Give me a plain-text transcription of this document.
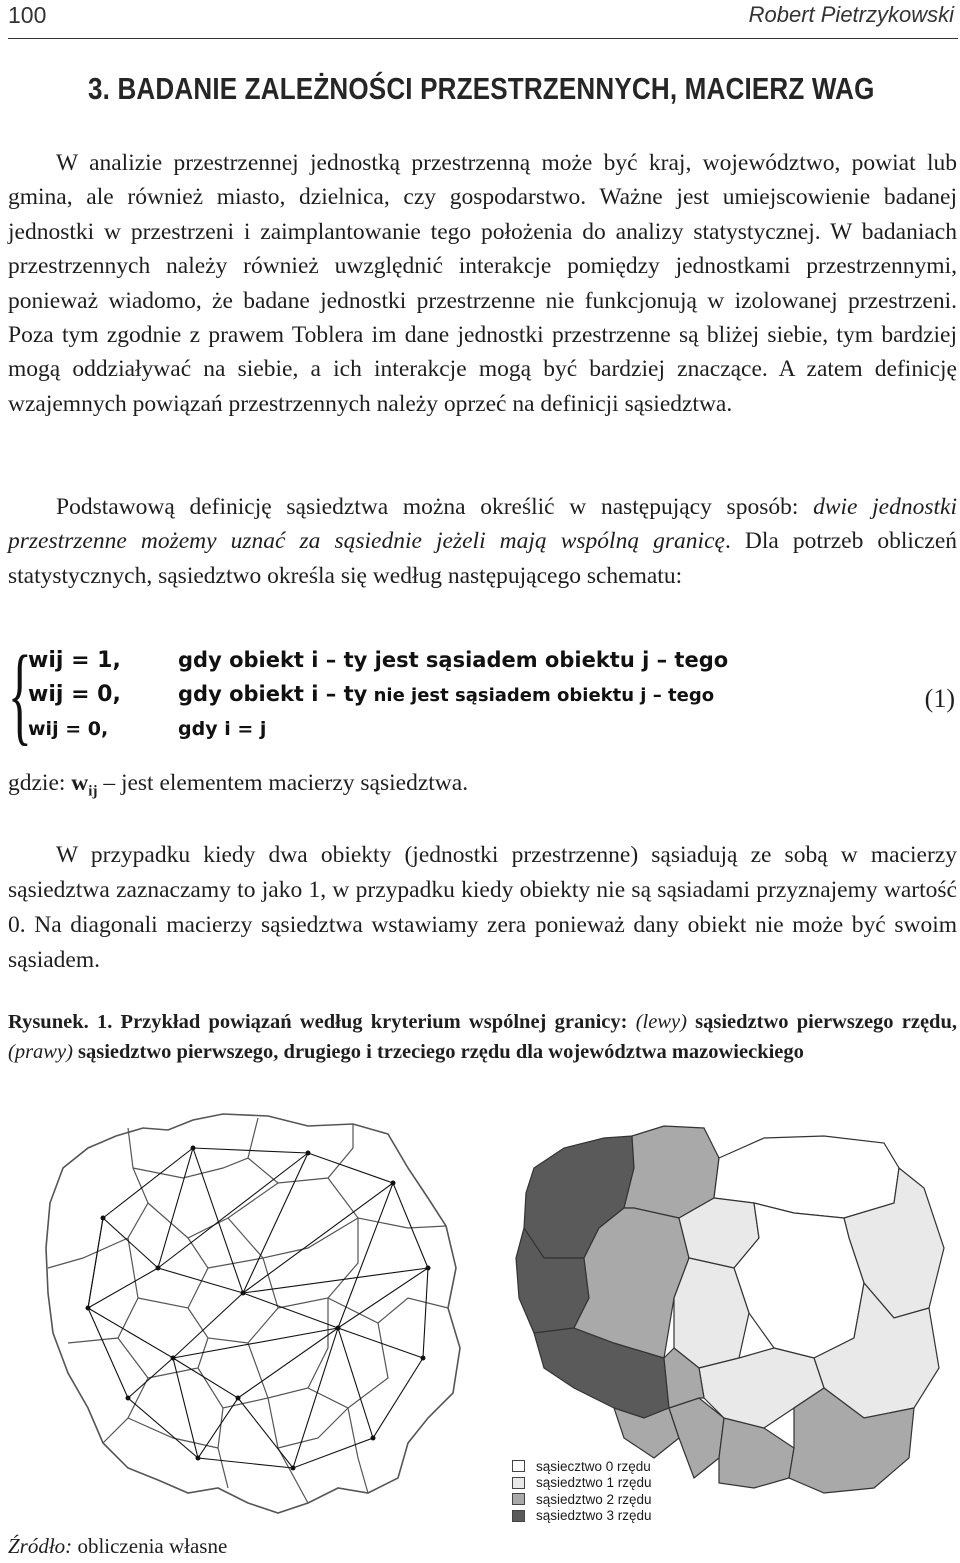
100	Robert Pietrzykowski
3. BADANIE ZALEŻNOŚCI PRZESTRZENNYCH, MACIERZ WAG

W analizie przestrzennej jednostką przestrzenną może być kraj, województwo, powiat lub gmina, ale również miasto, dzielnica, czy gospodarstwo. Ważne jest umiejscowienie badanej jednostki w przestrzeni i zaimplantowanie tego położenia do analizy statystycznej. W badaniach przestrzennych należy również uwzględnić interakcje pomiędzy jednostkami przestrzennymi, ponieważ wiadomo, że badane jednostki przestrzenne nie funkcjonują w izolowanej przestrzeni. Poza tym zgodnie z prawem Toblera im dane jednostki przestrzenne są bliżej siebie, tym bardziej mogą oddziaływać na siebie, a ich interakcje mogą być bardziej znaczące. A zatem definicję wzajemnych powiązań przestrzennych należy oprzeć na definicji sąsiedztwa.

Podstawową definicję sąsiedztwa można określić w następujący sposób: dwie jednostki przestrzenne możemy uznać za sąsiednie jeżeli mają wspólną granicę. Dla potrzeb obliczeń statystycznych, sąsiedztwo określa się według następującego schematu:

{
wij = 1,	gdy obiekt i – ty jest sąsiadem obiektu j – tego
wij = 0,	gdy obiekt i – ty nie jest sąsiadem obiektu j – tego
wij = 0,	gdy i = j
(1)
gdzie: $w_{ij}$ – jest elementem macierzy sąsiedztwa.

W przypadku kiedy dwa obiekty (jednostki przestrzenne) sąsiadują ze sobą w macierzy sąsiedztwa zaznaczamy to jako 1, w przypadku kiedy obiekty nie są sąsiadami przyznajemy wartość 0. Na diagonali macierzy sąsiedztwa wstawiamy zera ponieważ dany obiekt nie może być swoim sąsiadem.

Rysunek. 1. Przykład powiązań według kryterium wspólnej granicy: (lewy) sąsiedztwo pierwszego rzędu, (prawy) sąsiedztwo pierwszego, drugiego i trzeciego rzędu dla województwa mazowieckiego

sąsieсztwo 0 rzędu
sąsiedztwo 1 rzędu
sąsiedztwo 2 rzędu
sąsiedztwo 3 rzędu
Źródło: obliczenia własne
